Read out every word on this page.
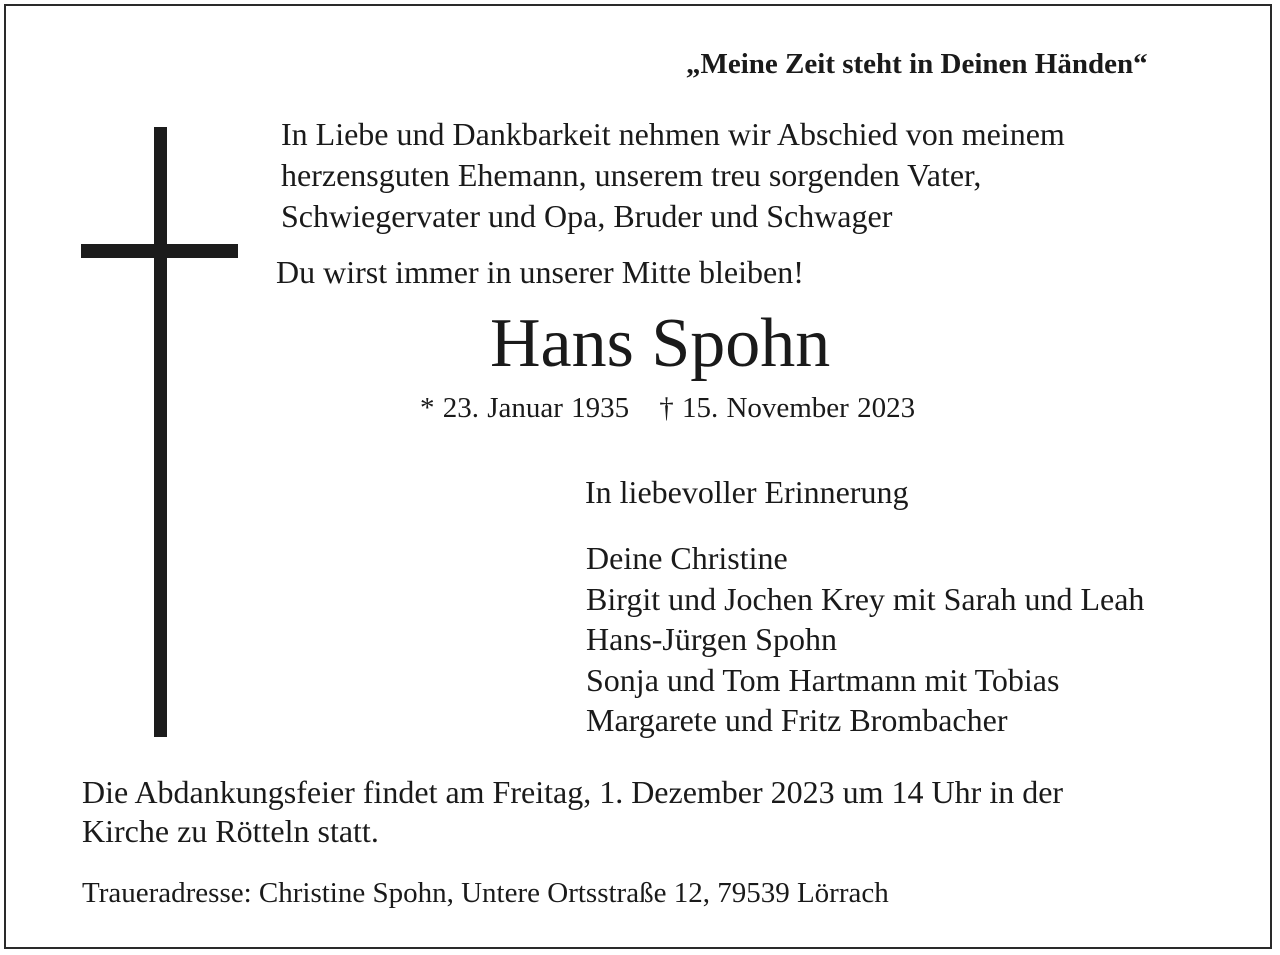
„Meine Zeit steht in Deinen Händen“
In Liebe und Dankbarkeit nehmen wir Abschied von meinem
herzensguten Ehemann, unserem treu sorgenden Vater,
Schwiegervater und Opa, Bruder und Schwager
Du wirst immer in unserer Mitte bleiben!
Hans Spohn
* 23. Januar 1935 † 15. November 2023
In liebevoller Erinnerung
Deine Christine
Birgit und Jochen Krey mit Sarah und Leah
Hans-Jürgen Spohn
Sonja und Tom Hartmann mit Tobias
Margarete und Fritz Brombacher
Die Abdankungsfeier findet am Freitag, 1. Dezember 2023 um 14 Uhr in der
Kirche zu Rötteln statt.
Traueradresse: Christine Spohn, Untere Ortsstraße 12, 79539 Lörrach
